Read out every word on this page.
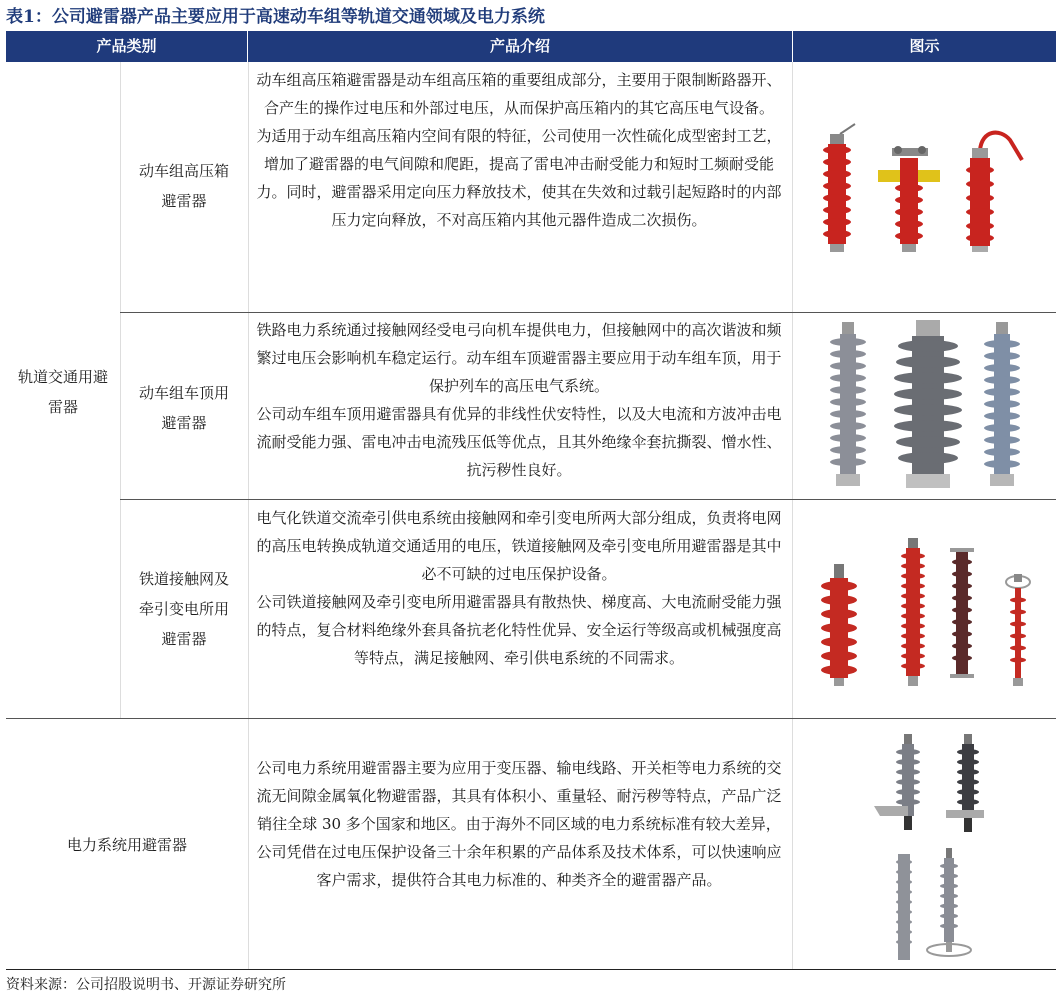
表1：公司避雷器产品主要应用于高速动车组等轨道交通领域及电力系统
产品类别	产品介绍	图示
轨道交通用避雷器
动车组高压箱
避雷器

动车组高压箱避雷器是动车组高压箱的重要组成部分，主要用于限制断路器开、合产生的操作过电压和外部过电压，从而保护高压箱内的其它高压电气设备。

为适用于动车组高压箱内空间有限的特征，公司使用一次性硫化成型密封工艺，增加了避雷器的电气间隙和爬距，提高了雷电冲击耐受能力和短时工频耐受能力。同时，避雷器采用定向压力释放技术，使其在失效和过载引起短路时的内部压力定向释放，不对高压箱内其他元器件造成二次损伤。

动车组车顶用
避雷器

铁路电力系统通过接触网经受电弓向机车提供电力，但接触网中的高次谐波和频繁过电压会影响机车稳定运行。动车组车顶避雷器主要应用于动车组车顶，用于保护列车的高压电气系统。

公司动车组车顶用避雷器具有优异的非线性伏安特性，以及大电流和方波冲击电流耐受能力强、雷电冲击电流残压低等优点，且其外绝缘伞套抗撕裂、憎水性、抗污秽性良好。

铁道接触网及
牵引变电所用
避雷器

电气化铁道交流牵引供电系统由接触网和牵引变电所两大部分组成，负责将电网的高压电转换成轨道交通适用的电压，铁道接触网及牵引变电所用避雷器是其中必不可缺的过电压保护设备。

公司铁道接触网及牵引变电所用避雷器具有散热快、梯度高、大电流耐受能力强的特点，复合材料绝缘外套具备抗老化特性优异、安全运行等级高或机械强度高等特点，满足接触网、牵引供电系统的不同需求。

电力系统用避雷器

公司电力系统用避雷器主要为应用于变压器、输电线路、开关柜等电力系统的交流无间隙金属氧化物避雷器，其具有体积小、重量轻、耐污秽等特点，产品广泛销往全球 30 多个国家和地区。由于海外不同区域的电力系统标准有较大差异，公司凭借在过电压保护设备三十余年积累的产品体系及技术体系，可以快速响应客户需求，提供符合其电力标准的、种类齐全的避雷器产品。

资料来源：公司招股说明书、开源证券研究所
